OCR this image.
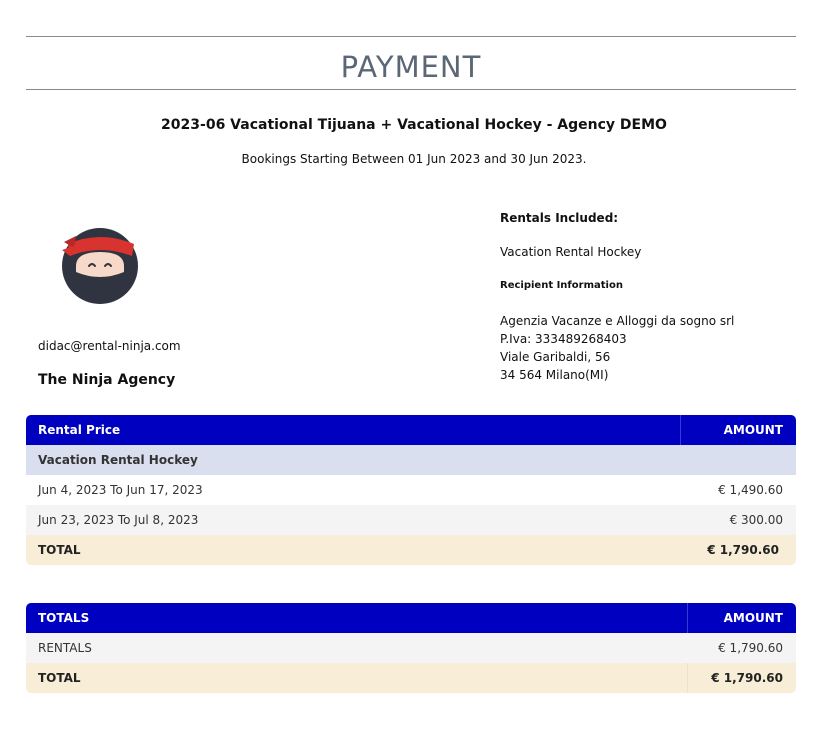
PAYMENT
2023-06 Vacational Tijuana + Vacational Hockey - Agency DEMO
Bookings Starting Between 01 Jun 2023 and 30 Jun 2023.
didac@rental-ninja.com
The Ninja Agency
Rentals Included:
Vacation Rental Hockey
Recipient Information
Agenzia Vacanze e Alloggi da sogno srl
P.Iva: 333489268403
Viale Garibaldi, 56
34 564 Milano(MI)
Rental Price	AMOUNT
Vacation Rental Hockey
Jun 4, 2023 To Jun 17, 2023	€ 1,490.60
Jun 23, 2023 To Jul 8, 2023	€ 300.00
TOTAL	€ 1,790.60
TOTALS	AMOUNT
RENTALS	€ 1,790.60
TOTAL	€ 1,790.60
